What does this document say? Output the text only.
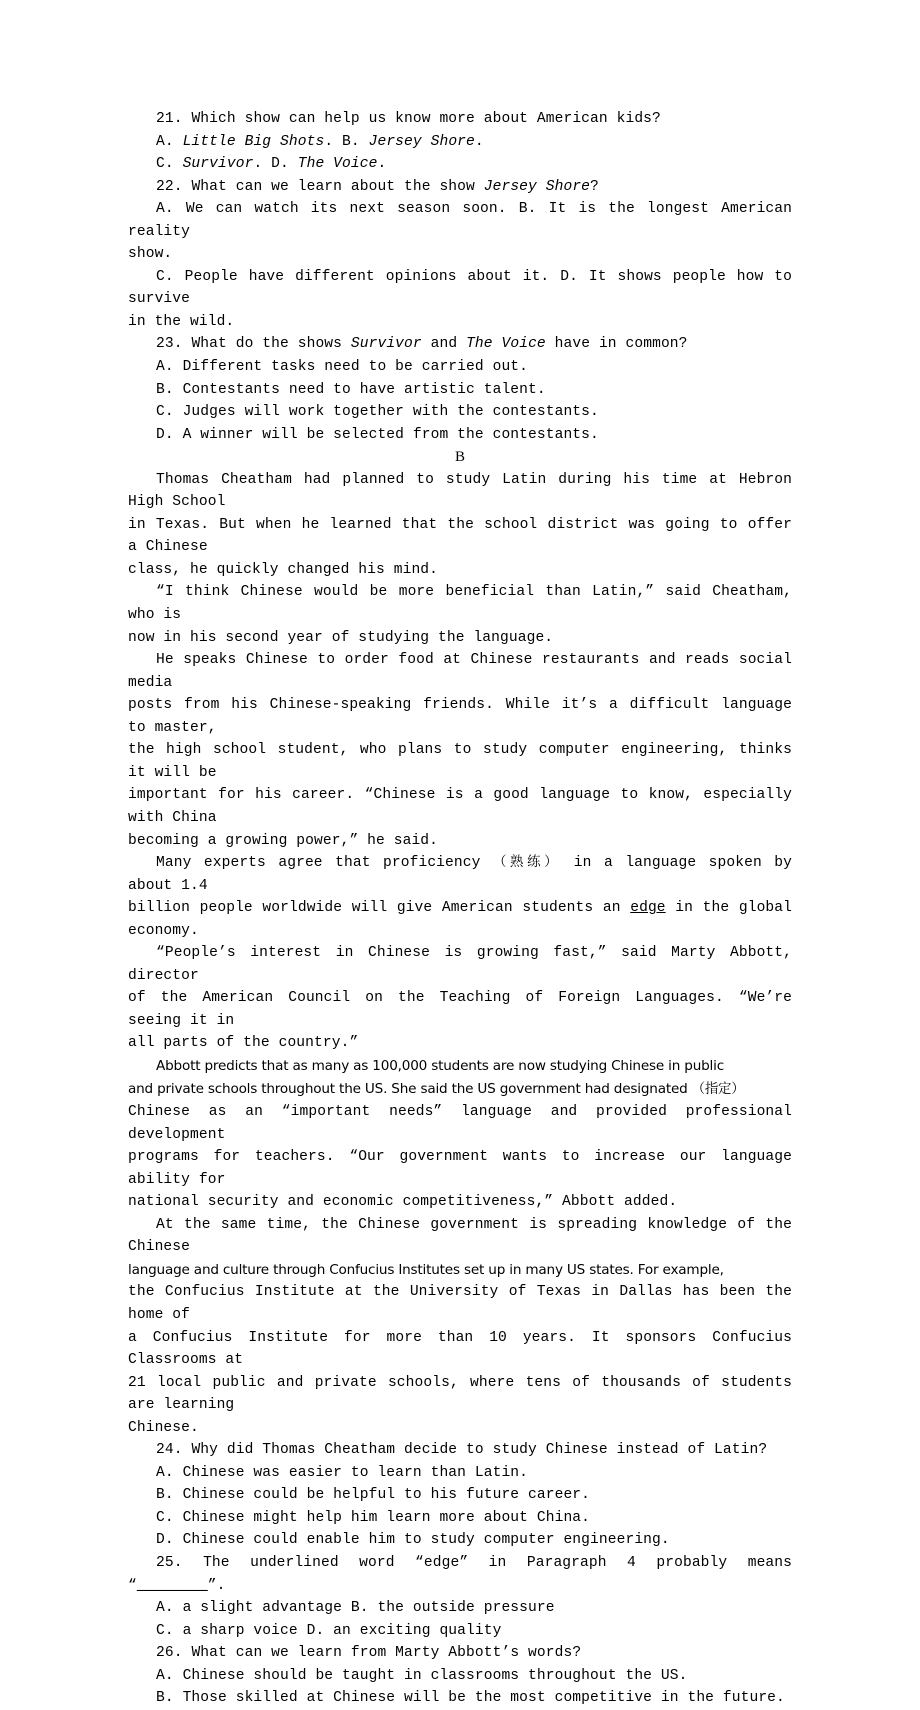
21. Which show can help us know more about American kids?
A. Little Big Shots. B. Jersey Shore.
C. Survivor. D. The Voice.
22. What can we learn about the show Jersey Shore?
A. We can watch its next season soon. B. It is the longest American reality
show.
C. People have different opinions about it. D. It shows people how to survive
in the wild.
23. What do the shows Survivor and The Voice have in common?
A. Different tasks need to be carried out.
B. Contestants need to have artistic talent.
C. Judges will work together with the contestants.
D. A winner will be selected from the contestants.
B
Thomas Cheatham had planned to study Latin during his time at Hebron High School
in Texas. But when he learned that the school district was going to offer a Chinese
class, he quickly changed his mind.
“I think Chinese would be more beneficial than Latin,” said Cheatham, who is
now in his second year of studying the language.
He speaks Chinese to order food at Chinese restaurants and reads social media
posts from his Chinese-speaking friends. While it’s a difficult language to master,
the high school student, who plans to study computer engineering, thinks it will be
important for his career. “Chinese is a good language to know, especially with China
becoming a growing power,” he said.
Many experts agree that proficiency （熟练） in a language spoken by about 1.4
billion people worldwide will give American students an edge in the global economy.
“People’s interest in Chinese is growing fast,” said Marty Abbott, director
of the American Council on the Teaching of Foreign Languages. “We’re seeing it in
all parts of the country.”
Abbott predicts that as many as 100,000 students are now studying Chinese in public
and private schools throughout the US. She said the US government had designated （指定）
Chinese as an “important needs” language and provided professional development
programs for teachers. “Our government wants to increase our language ability for
national security and economic competitiveness,” Abbott added.
At the same time, the Chinese government is spreading knowledge of the Chinese
language and culture through Confucius Institutes set up in many US states. For example,
the Confucius Institute at the University of Texas in Dallas has been the home of
a Confucius Institute for more than 10 years. It sponsors Confucius Classrooms at
21 local public and private schools, where tens of thousands of students are learning
Chinese.
24. Why did Thomas Cheatham decide to study Chinese instead of Latin?
A. Chinese was easier to learn than Latin.
B. Chinese could be helpful to his future career.
C. Chinese might help him learn more about China.
D. Chinese could enable him to study computer engineering.
25. The underlined word “edge” in Paragraph 4 probably means “________”.
A. a slight advantage B. the outside pressure
C. a sharp voice D. an exciting quality
26. What can we learn from Marty Abbott’s words?
A. Chinese should be taught in classrooms throughout the US.
B. Those skilled at Chinese will be the most competitive in the future.
